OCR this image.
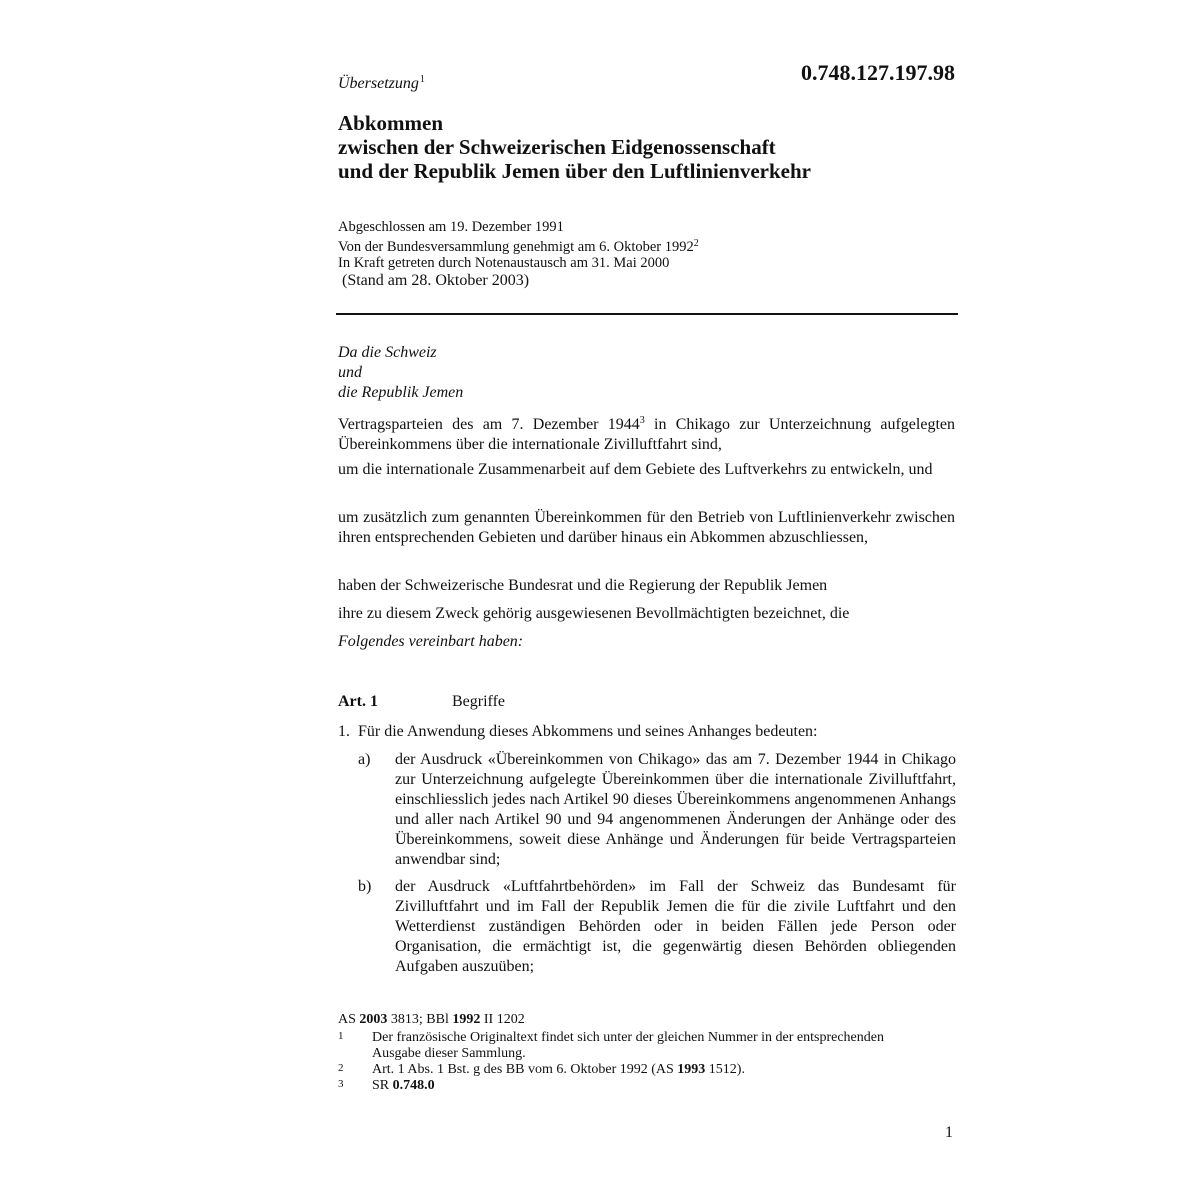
Übersetzung$^1$	0.748.127.197.98
Abkommen
zwischen der Schweizerischen Eidgenossenschaft
und der Republik Jemen über den Luftlinienverkehr
Abgeschlossen am 19. Dezember 1991
Von der Bundesversammlung genehmigt am 6. Oktober 1992$^2$
In Kraft getreten durch Notenaustausch am 31. Mai 2000
(Stand am 28. Oktober 2003)
Da die Schweiz
und
die Republik Jemen

Vertragsparteien des am 7. Dezember 1944$^3$ in Chikago zur Unterzeichnung aufgelegten Übereinkommens über die internationale Zivilluftfahrt sind,

um die internationale Zusammenarbeit auf dem Gebiete des Luftverkehrs zu entwickeln, und

um zusätzlich zum genannten Übereinkommen für den Betrieb von Luftlinienverkehr zwischen ihren entsprechenden Gebieten und darüber hinaus ein Abkommen abzuschliessen,

haben der Schweizerische Bundesrat und die Regierung der Republik Jemen

ihre zu diesem Zweck gehörig ausgewiesenen Bevollmächtigten bezeichnet, die

Folgendes vereinbart haben:

Art. 1	Begriffe
1.  Für die Anwendung dieses Abkommens und seines Anhanges bedeuten:
a)	der Ausdruck «Übereinkommen von Chikago» das am 7. Dezember 1944 in Chikago zur Unterzeichnung aufgelegte Übereinkommen über die internationale Zivilluftfahrt, einschliesslich jedes nach Artikel 90 dieses Übereinkommens angenommenen Anhangs und aller nach Artikel 90 und 94 angenommenen Änderungen der Anhänge oder des Übereinkommens, soweit diese Anhänge und Änderungen für beide Vertragsparteien anwendbar sind;
b)	der Ausdruck «Luftfahrtbehörden» im Fall der Schweiz das Bundesamt für Zivilluftfahrt und im Fall der Republik Jemen die für die zivile Luftfahrt und den Wetterdienst zuständigen Behörden oder in beiden Fällen jede Person oder Organisation, die ermächtigt ist, die gegenwärtig diesen Behörden obliegenden Aufgaben auszuüben;
AS 2003 3813; BBl 1992 II 1202
1 Der französische Originaltext findet sich unter der gleichen Nummer in der entsprechenden Ausgabe dieser Sammlung.
2 Art. 1 Abs. 1 Bst. g des BB vom 6. Oktober 1992 (AS 1993 1512).
3 SR 0.748.0
1
